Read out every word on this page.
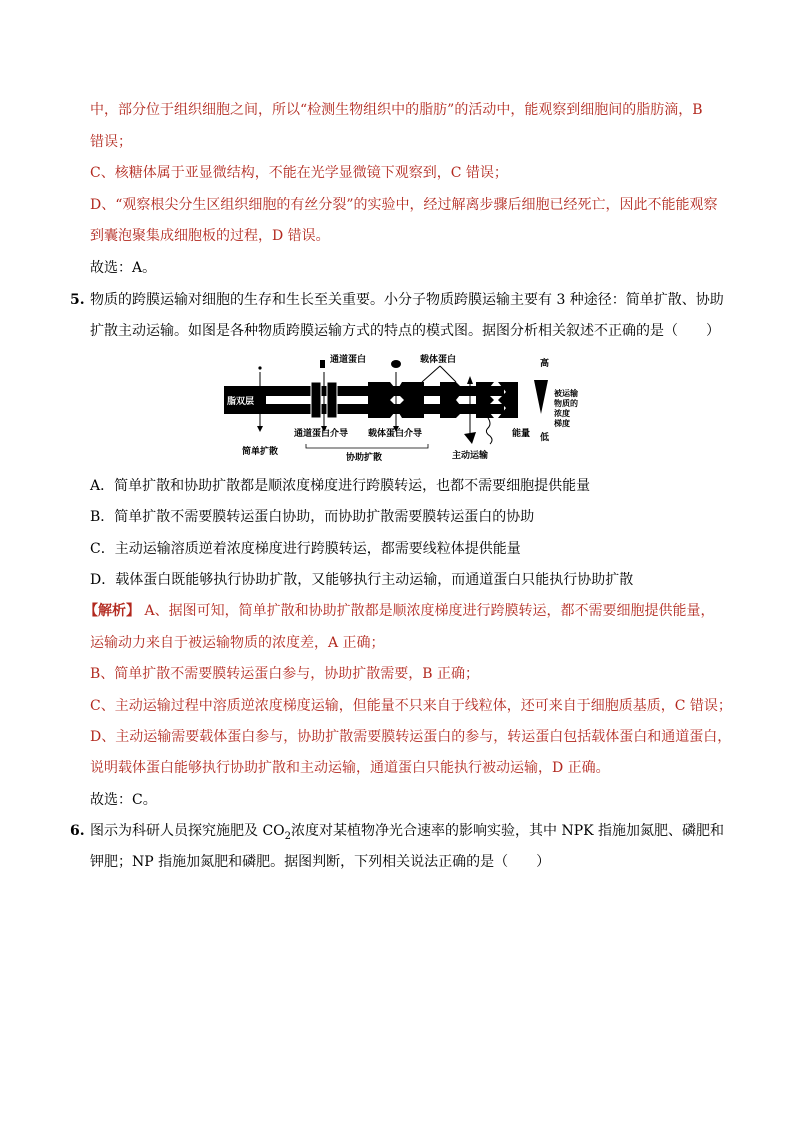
中，部分位于组织细胞之间，所以“检测生物组织中的脂肪”的活动中，能观察到细胞间的脂肪滴，B
错误；
C、核糖体属于亚显微结构，不能在光学显微镜下观察到，C 错误；
D、“观察根尖分生区组织细胞的有丝分裂”的实验中，经过解离步骤后细胞已经死亡，因此不能能观察
到囊泡聚集成细胞板的过程，D 错误。
故选：A。
5. 物质的跨膜运输对细胞的生存和生长至关重要。小分子物质跨膜运输主要有 3 种途径：简单扩散、协助
扩散主动运输。如图是各种物质跨膜运输方式的特点的模式图。据图分析相关叙述不正确的是（　　）
脂双层
通道蛋白	载体蛋白	高
低
被运输
物质的
浓度
梯度
通道蛋白介导 载体蛋白介导	能量
简单扩散
协助扩散	主动运输
A．简单扩散和协助扩散都是顺浓度梯度进行跨膜转运，也都不需要细胞提供能量
B．简单扩散不需要膜转运蛋白协助，而协助扩散需要膜转运蛋白的协助
C．主动运输溶质逆着浓度梯度进行跨膜转运，都需要线粒体提供能量
D．载体蛋白既能够执行协助扩散，又能够执行主动运输，而通道蛋白只能执行协助扩散
【解析】 A、据图可知，简单扩散和协助扩散都是顺浓度梯度进行跨膜转运，都不需要细胞提供能量，
运输动力来自于被运输物质的浓度差，A 正确；
B、简单扩散不需要膜转运蛋白参与，协助扩散需要，B 正确；
C、主动运输过程中溶质逆浓度梯度运输，但能量不只来自于线粒体，还可来自于细胞质基质，C 错误；
D、主动运输需要载体蛋白参与，协助扩散需要膜转运蛋白的参与，转运蛋白包括载体蛋白和通道蛋白，
说明载体蛋白能够执行协助扩散和主动运输，通道蛋白只能执行被动运输，D 正确。
故选：C。
6. 图示为科研人员探究施肥及 $CO_2$浓度对某植物净光合速率的影响实验，其中 NPK 指施加氮肥、磷肥和
钾肥；NP 指施加氮肥和磷肥。据图判断，下列相关说法正确的是（　　）
